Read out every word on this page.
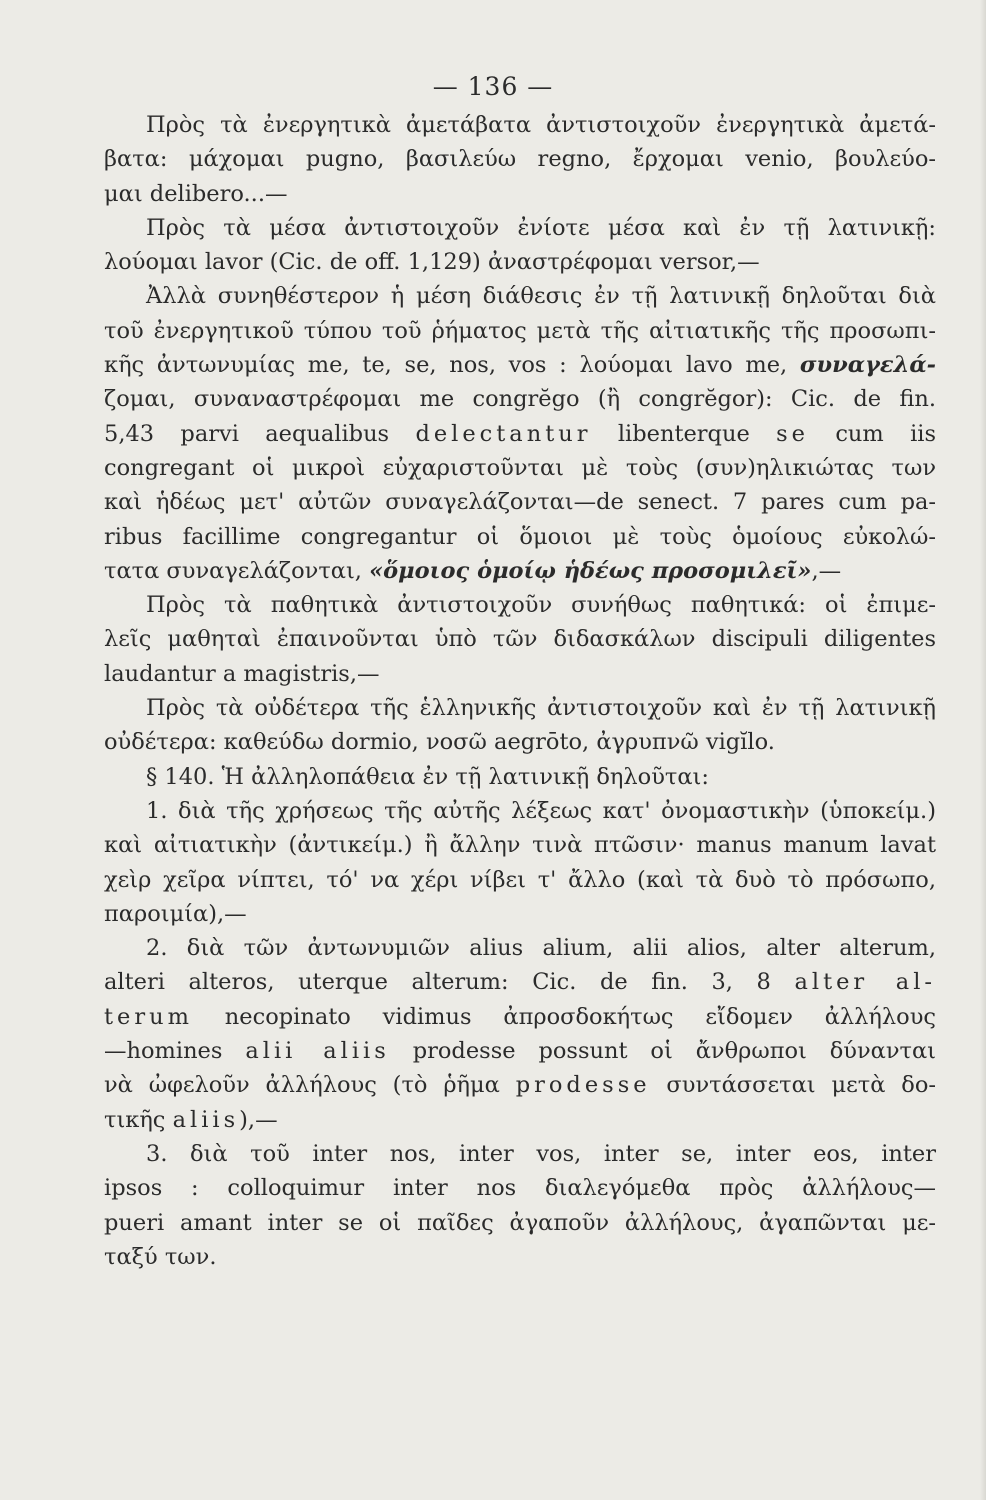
— 136 —
Πρὸς τὰ ἐνεργητικὰ ἀμετάβατα ἀντιστοιχοῦν ἐνεργητικὰ ἀμετά-
βατα: μάχομαι pugno, βασιλεύω regno, ἔρχομαι venio, βουλεύο-
μαι delibero...—
Πρὸς τὰ μέσα ἀντιστοιχοῦν ἐνίοτε μέσα καὶ ἐν τῇ λατινικῇ:
λούομαι lavor (Cic. de off. 1,129) ἀναστρέφομαι versor,—
Ἀλλὰ συνηθέστερον ἡ μέση διάθεσις ἐν τῇ λατινικῇ δηλοῦται διὰ
τοῦ ἐνεργητικοῦ τύπου τοῦ ῥήματος μετὰ τῆς αἰτιατικῆς τῆς προσωπι-
κῆς ἀντωνυμίας me, te, se, nos, vos : λούομαι lavo me, συναγελά-
ζομαι, συναναστρέφομαι me congrĕgo (ἢ congrĕgor): Cic. de fin.
5,43 parvi aequalibus delectantur libenterque se cum iis
congregant οἱ μικροὶ εὐχαριστοῦνται μὲ τοὺς (συν)ηλικιώτας των
καὶ ἡδέως μετ' αὐτῶν συναγελάζονται—de senect. 7 pares cum pa-
ribus facillime congregantur οἱ ὅμοιοι μὲ τοὺς ὁμοίους εὐκολώ-
τατα συναγελάζονται, «ὅμοιος ὁμοίῳ ἡδέως προσομιλεῖ»,—
Πρὸς τὰ παθητικὰ ἀντιστοιχοῦν συνήθως παθητικά: οἱ ἐπιμε-
λεῖς μαθηταὶ ἐπαινοῦνται ὑπὸ τῶν διδασκάλων discipuli diligentes
laudantur a magistris,—
Πρὸς τὰ οὐδέτερα τῆς ἑλληνικῆς ἀντιστοιχοῦν καὶ ἐν τῇ λατινικῇ
οὐδέτερα: καθεύδω dormio, νοσῶ aegrōto, ἀγρυπνῶ vigĭlo.
§ 140. Ἡ ἀλληλοπάθεια ἐν τῇ λατινικῇ δηλοῦται:
1. διὰ τῆς χρήσεως τῆς αὐτῆς λέξεως κατ' ὀνομαστικὴν (ὑποκείμ.)
καὶ αἰτιατικὴν (ἀντικείμ.) ἢ ἄλλην τινὰ πτῶσιν· manus manum lavat
χεὶρ χεῖρα νίπτει, τό' να χέρι νίβει τ' ἄλλο (καὶ τὰ δυὸ τὸ πρόσωπο,
παροιμία),—
2. διὰ τῶν ἀντωνυμιῶν alius alium, alii alios, alter alterum,
alteri alteros, uterque alterum: Cic. de fin. 3, 8 alter al-
terum necopinato vidimus ἀπροσδοκήτως εἴδομεν ἀλλήλους
—homines alii aliis prodesse possunt οἱ ἄνθρωποι δύνανται
νὰ ὠφελοῦν ἀλλήλους (τὸ ῥῆμα prodesse συντάσσεται μετὰ δο-
τικῆς aliis),—
3. διὰ τοῦ inter nos, inter vos, inter se, inter eos, inter
ipsos : colloquimur inter nos διαλεγόμεθα πρὸς ἀλλήλους—
pueri amant inter se οἱ παῖδες ἀγαποῦν ἀλλήλους, ἀγαπῶνται με-
ταξύ των.
